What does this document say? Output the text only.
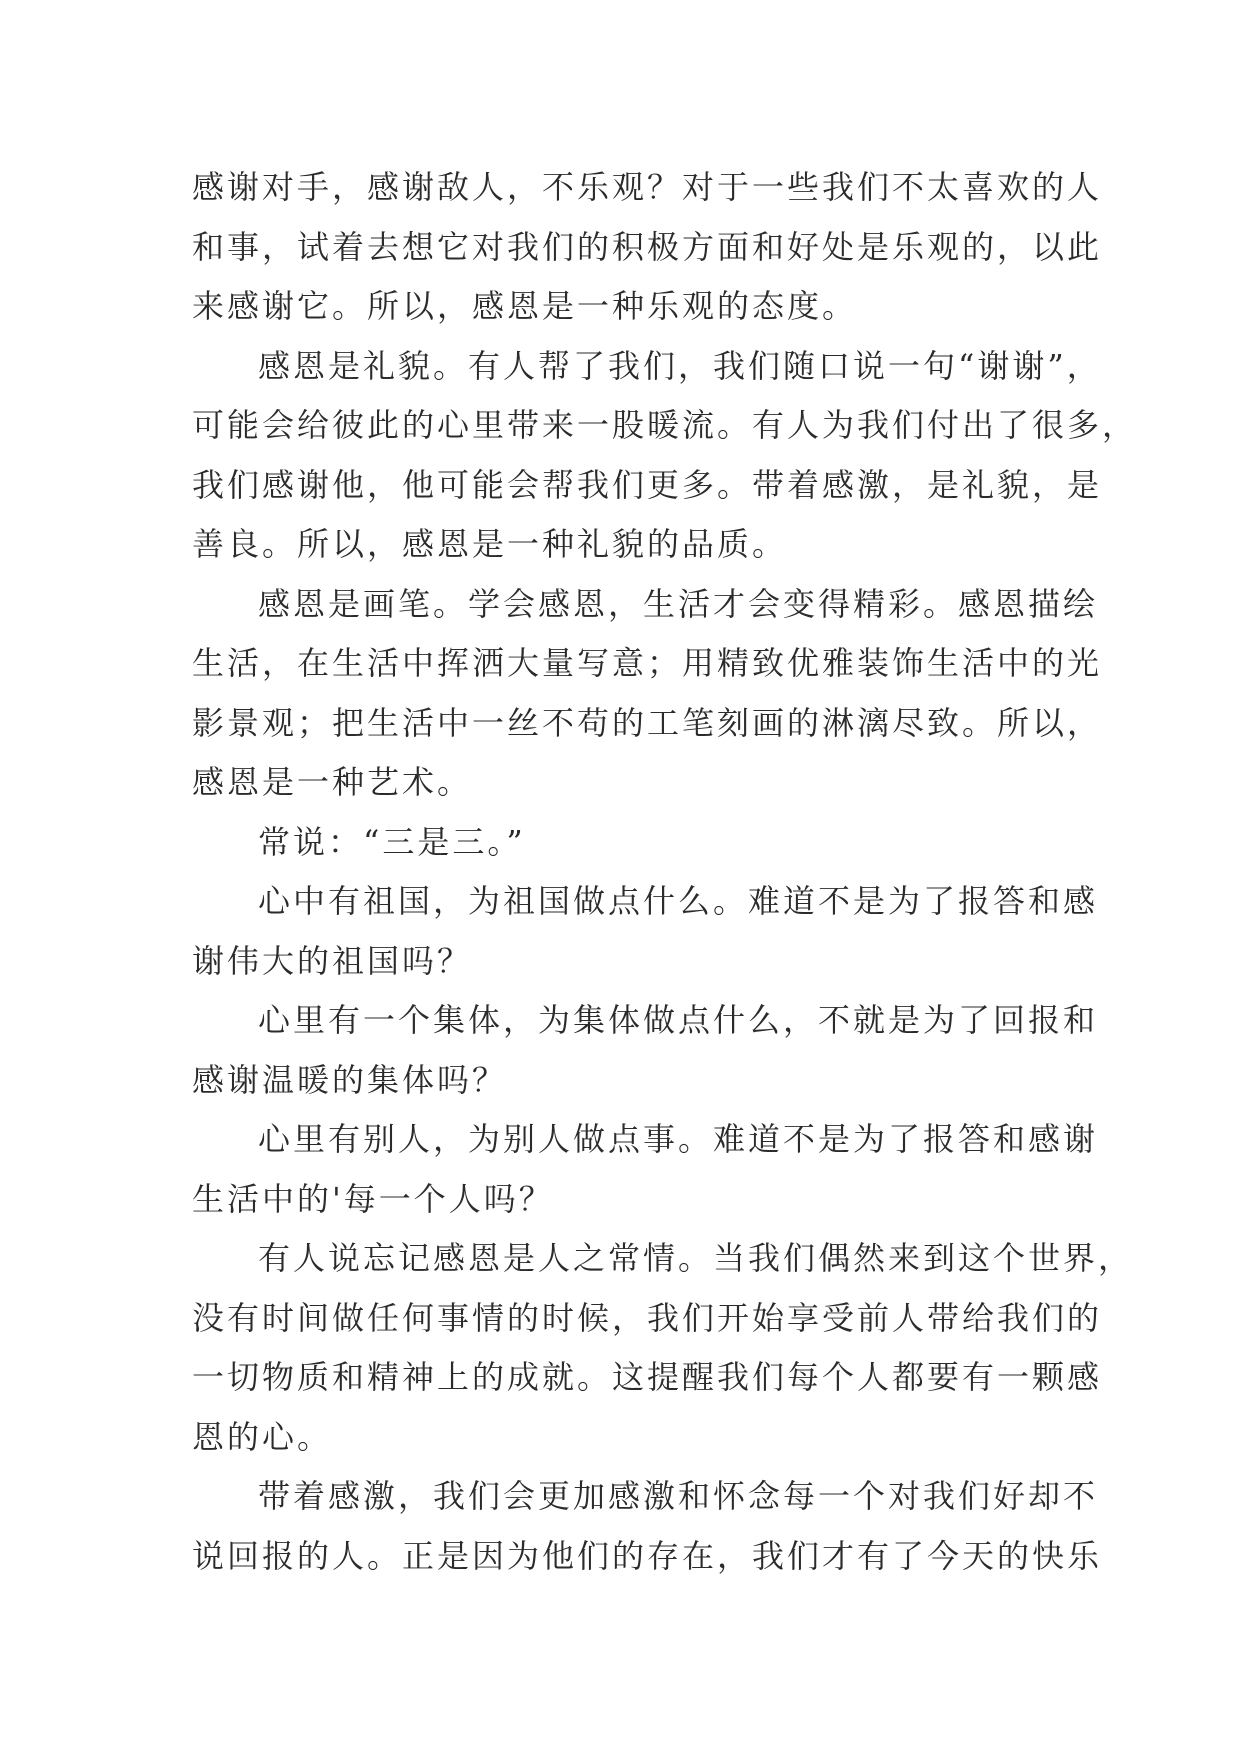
感谢对手，感谢敌人，不乐观？对于一些我们不太喜欢的人
和事，试着去想它对我们的积极方面和好处是乐观的，以此
来感谢它。所以，感恩是一种乐观的态度。
感恩是礼貌。有人帮了我们，我们随口说一句“谢谢”，
可能会给彼此的心里带来一股暖流。有人为我们付出了很多，
我们感谢他，他可能会帮我们更多。带着感激，是礼貌，是
善良。所以，感恩是一种礼貌的品质。
感恩是画笔。学会感恩，生活才会变得精彩。感恩描绘
生活，在生活中挥洒大量写意；用精致优雅装饰生活中的光
影景观；把生活中一丝不苟的工笔刻画的淋漓尽致。所以，
感恩是一种艺术。
常说：“三是三。”
心中有祖国，为祖国做点什么。难道不是为了报答和感
谢伟大的祖国吗？
心里有一个集体，为集体做点什么，不就是为了回报和
感谢温暖的集体吗？
心里有别人，为别人做点事。难道不是为了报答和感谢
生活中的'每一个人吗？
有人说忘记感恩是人之常情。当我们偶然来到这个世界，
没有时间做任何事情的时候，我们开始享受前人带给我们的
一切物质和精神上的成就。这提醒我们每个人都要有一颗感
恩的心。
带着感激，我们会更加感激和怀念每一个对我们好却不
说回报的人。正是因为他们的存在，我们才有了今天的快乐
